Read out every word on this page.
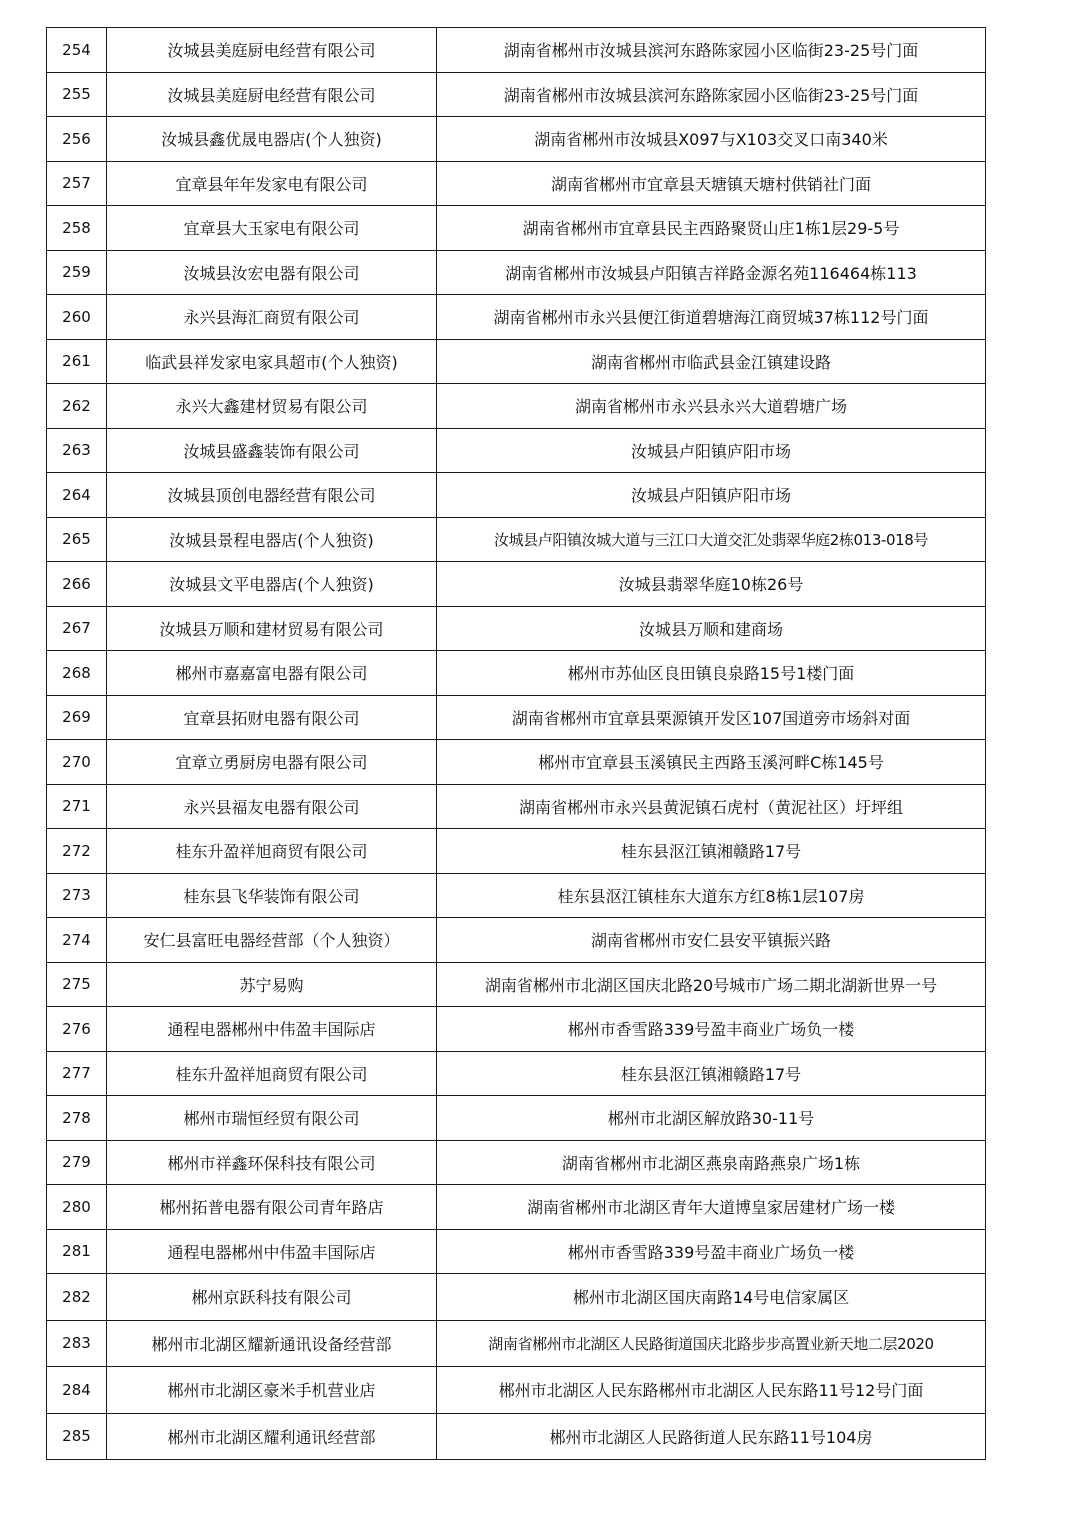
254	汝城县美庭厨电经营有限公司	湖南省郴州市汝城县滨河东路陈家园小区临街23-25号门面
255	汝城县美庭厨电经营有限公司	湖南省郴州市汝城县滨河东路陈家园小区临街23-25号门面
256	汝城县鑫优晟电器店(个人独资)	湖南省郴州市汝城县X097与X103交叉口南340米
257	宜章县年年发家电有限公司	湖南省郴州市宜章县天塘镇天塘村供销社门面
258	宜章县大玉家电有限公司	湖南省郴州市宜章县民主西路聚贤山庄1栋1层29-5号
259	汝城县汝宏电器有限公司	湖南省郴州市汝城县卢阳镇吉祥路金源名苑116464栋113
260	永兴县海汇商贸有限公司	湖南省郴州市永兴县便江街道碧塘海江商贸城37栋112号门面
261	临武县祥发家电家具超市(个人独资)	湖南省郴州市临武县金江镇建设路
262	永兴大鑫建材贸易有限公司	湖南省郴州市永兴县永兴大道碧塘广场
263	汝城县盛鑫装饰有限公司	汝城县卢阳镇庐阳市场
264	汝城县顶创电器经营有限公司	汝城县卢阳镇庐阳市场
265	汝城县景程电器店(个人独资)	汝城县卢阳镇汝城大道与三江口大道交汇处翡翠华庭2栋013-018号
266	汝城县文平电器店(个人独资)	汝城县翡翠华庭10栋26号
267	汝城县万顺和建材贸易有限公司	汝城县万顺和建商场
268	郴州市嘉嘉富电器有限公司	郴州市苏仙区良田镇良泉路15号1楼门面
269	宜章县拓财电器有限公司	湖南省郴州市宜章县栗源镇开发区107国道旁市场斜对面
270	宜章立勇厨房电器有限公司	郴州市宜章县玉溪镇民主西路玉溪河畔C栋145号
271	永兴县福友电器有限公司	湖南省郴州市永兴县黄泥镇石虎村（黄泥社区）圩坪组
272	桂东升盈祥旭商贸有限公司	桂东县沤江镇湘赣路17号
273	桂东县飞华装饰有限公司	桂东县沤江镇桂东大道东方红8栋1层107房
274	安仁县富旺电器经营部（个人独资）	湖南省郴州市安仁县安平镇振兴路
275	苏宁易购	湖南省郴州市北湖区国庆北路20号城市广场二期北湖新世界一号
276	通程电器郴州中伟盈丰国际店	郴州市香雪路339号盈丰商业广场负一楼
277	桂东升盈祥旭商贸有限公司	桂东县沤江镇湘赣路17号
278	郴州市瑞恒经贸有限公司	郴州市北湖区解放路30-11号
279	郴州市祥鑫环保科技有限公司	湖南省郴州市北湖区燕泉南路燕泉广场1栋
280	郴州拓普电器有限公司青年路店	湖南省郴州市北湖区青年大道博皇家居建材广场一楼
281	通程电器郴州中伟盈丰国际店	郴州市香雪路339号盈丰商业广场负一楼
282	郴州京跃科技有限公司	郴州市北湖区国庆南路14号电信家属区
283	郴州市北湖区耀新通讯设备经营部	湖南省郴州市北湖区人民路街道国庆北路步步高置业新天地二层2020
284	郴州市北湖区豪米手机营业店	郴州市北湖区人民东路郴州市北湖区人民东路11号12号门面
285	郴州市北湖区耀利通讯经营部	郴州市北湖区人民路街道人民东路11号104房
